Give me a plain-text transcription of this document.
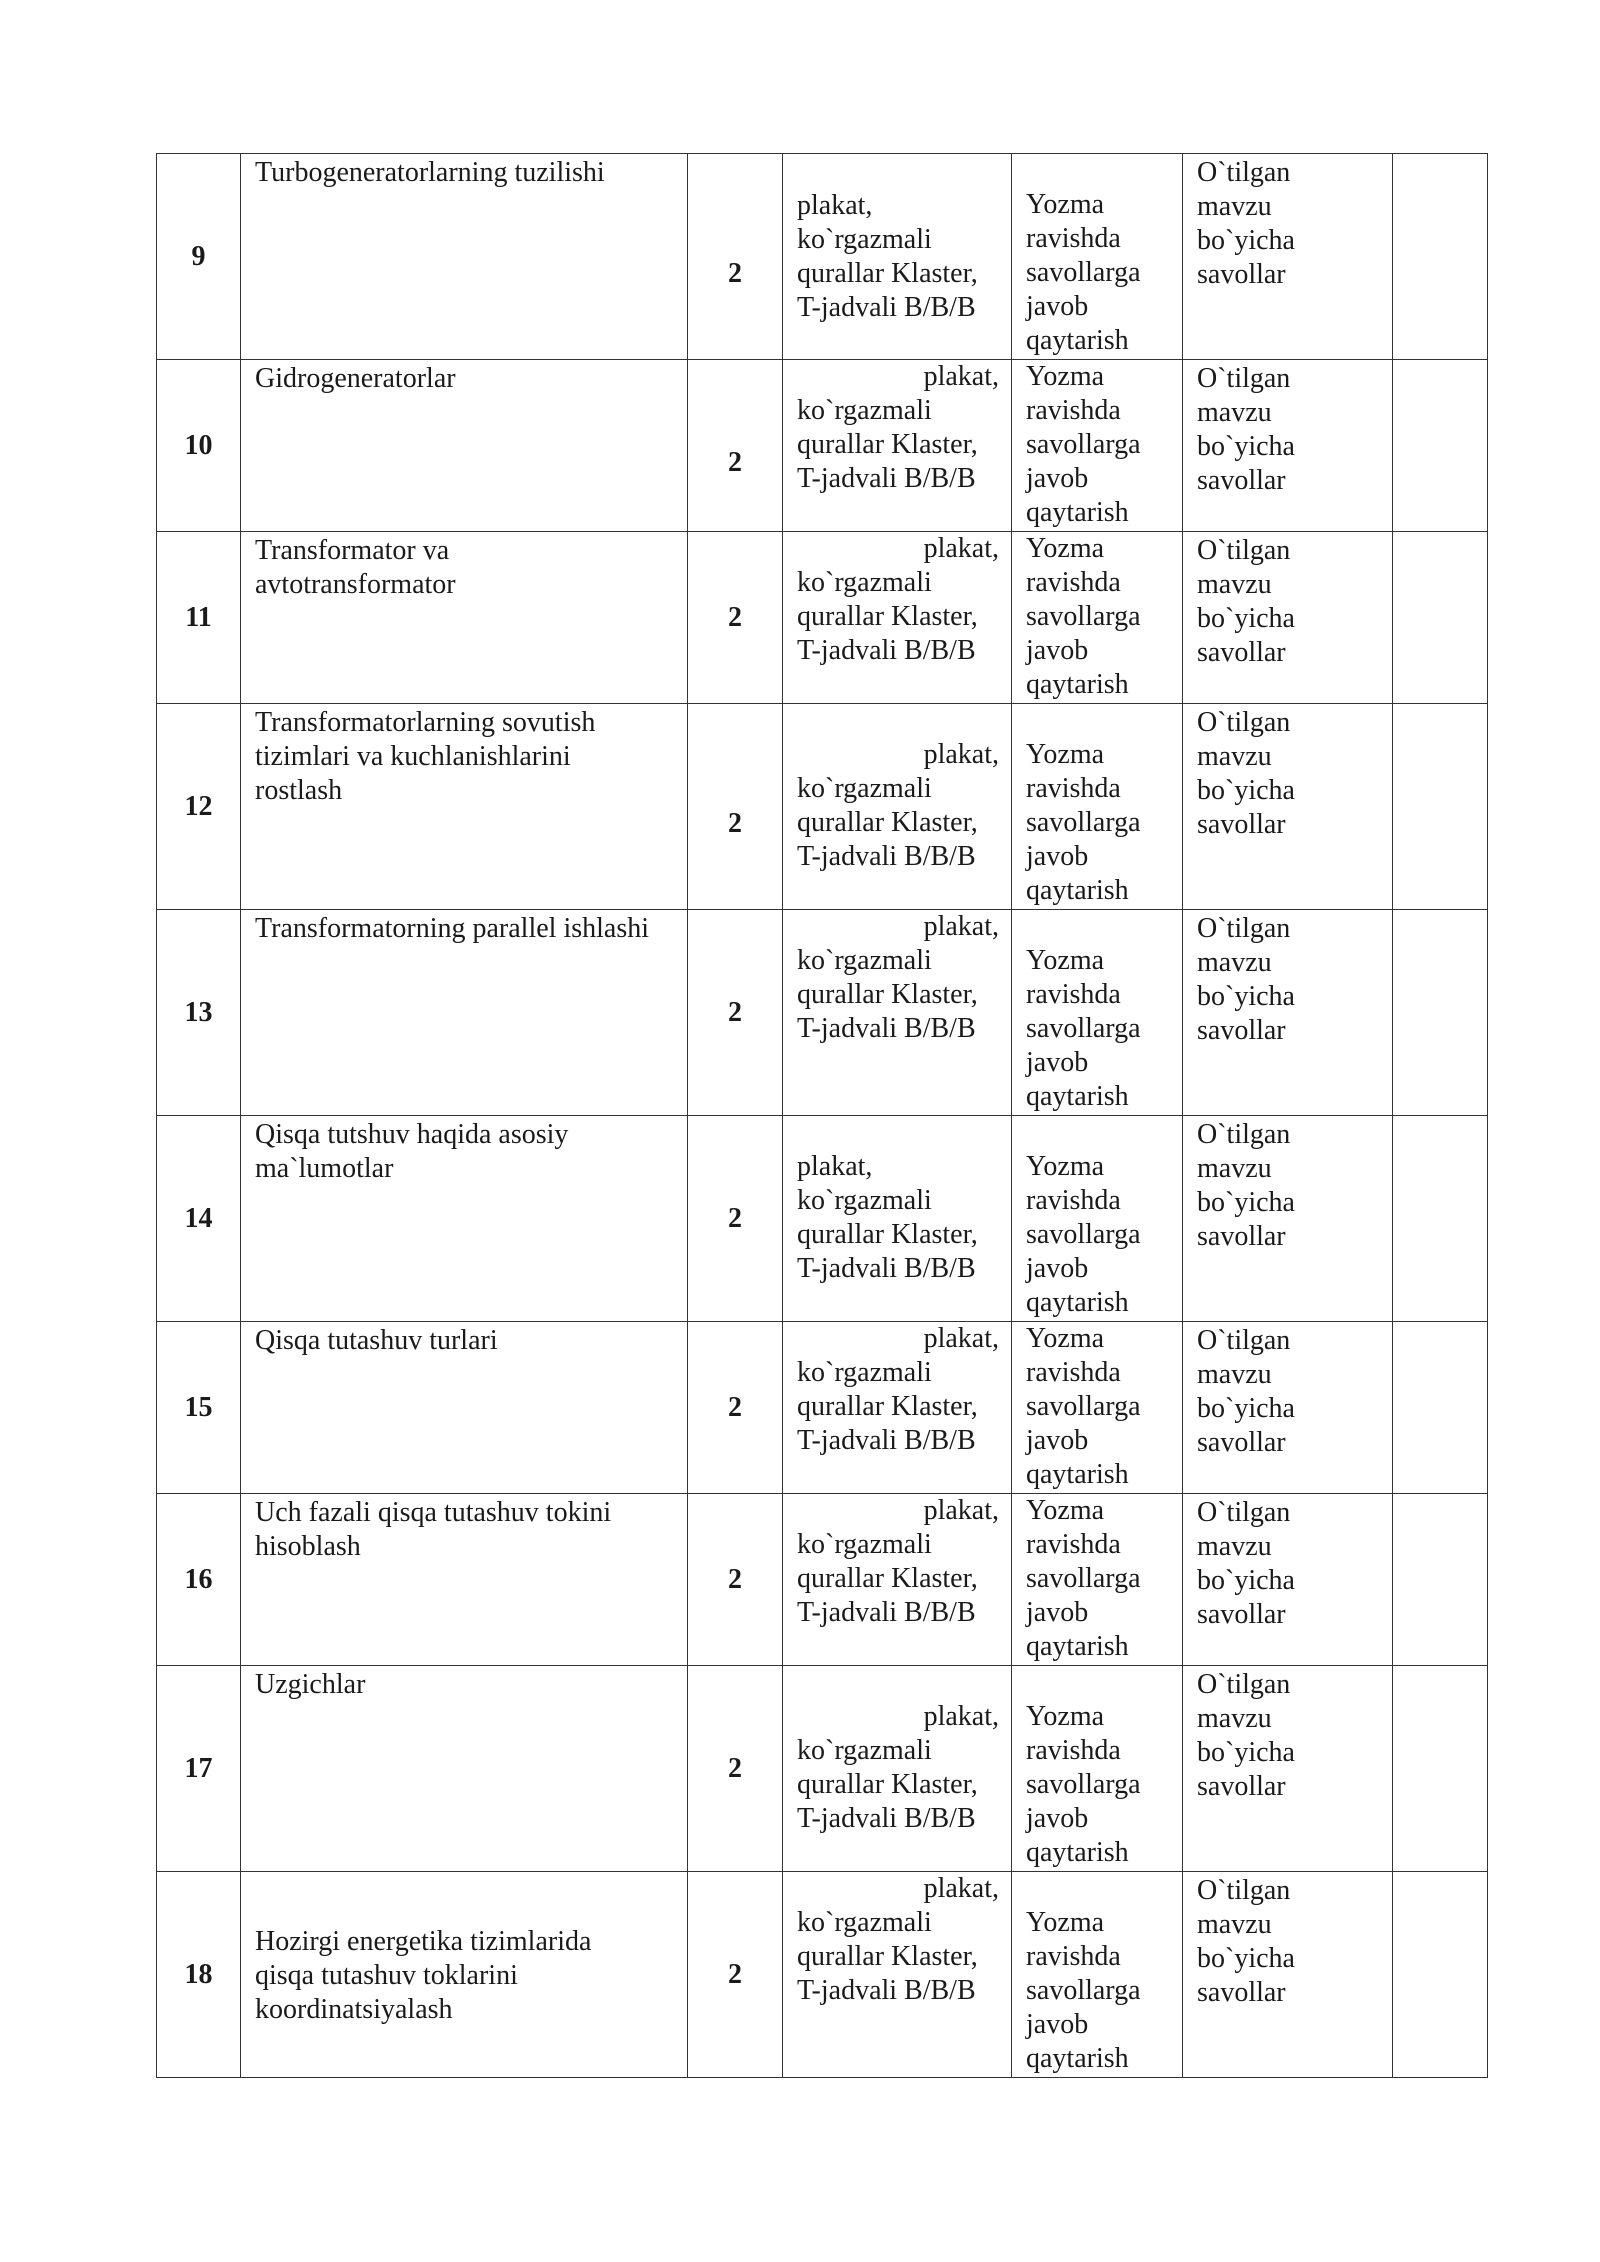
9	Turbogeneratorlarning tuzilishi	2	plakat,
ko`rgazmali
qurallar Klaster,
T-jadvali B/B/B	Yozma
ravishda
savollarga
javob
qaytarish	O`tilgan
mavzu
bo`yicha
savollar	

10	Gidrogeneratorlar	2	plakat,
ko`rgazmali
qurallar Klaster,
T-jadvali B/B/B	Yozma
ravishda
savollarga
javob
qaytarish	O`tilgan
mavzu
bo`yicha
savollar	

11	Transformator va
avtotransformator	2	plakat,
ko`rgazmali
qurallar Klaster,
T-jadvali B/B/B	Yozma
ravishda
savollarga
javob
qaytarish	O`tilgan
mavzu
bo`yicha
savollar	

12	Transformatorlarning sovutish
tizimlari va kuchlanishlarini
rostlash	2	plakat,
ko`rgazmali
qurallar Klaster,
T-jadvali B/B/B	Yozma
ravishda
savollarga
javob
qaytarish	O`tilgan
mavzu
bo`yicha
savollar	

13	Transformatorning parallel ishlashi	2	plakat,
ko`rgazmali
qurallar Klaster,
T-jadvali B/B/B	Yozma
ravishda
savollarga
javob
qaytarish	O`tilgan
mavzu
bo`yicha
savollar	

14	Qisqa tutshuv haqida asosiy
ma`lumotlar	2	plakat,
ko`rgazmali
qurallar Klaster,
T-jadvali B/B/B	Yozma
ravishda
savollarga
javob
qaytarish	O`tilgan
mavzu
bo`yicha
savollar	

15	Qisqa tutashuv turlari	2	plakat,
ko`rgazmali
qurallar Klaster,
T-jadvali B/B/B	Yozma
ravishda
savollarga
javob
qaytarish	O`tilgan
mavzu
bo`yicha
savollar	

16	Uch fazali qisqa tutashuv tokini
hisoblash	2	plakat,
ko`rgazmali
qurallar Klaster,
T-jadvali B/B/B	Yozma
ravishda
savollarga
javob
qaytarish	O`tilgan
mavzu
bo`yicha
savollar	

17	Uzgichlar	2	plakat,
ko`rgazmali
qurallar Klaster,
T-jadvali B/B/B	Yozma
ravishda
savollarga
javob
qaytarish	O`tilgan
mavzu
bo`yicha
savollar	

18	Hozirgi energetika tizimlarida
qisqa tutashuv toklarini
koordinatsiyalash	2	plakat,
ko`rgazmali
qurallar Klaster,
T-jadvali B/B/B	Yozma
ravishda
savollarga
javob
qaytarish	O`tilgan
mavzu
bo`yicha
savollar	
